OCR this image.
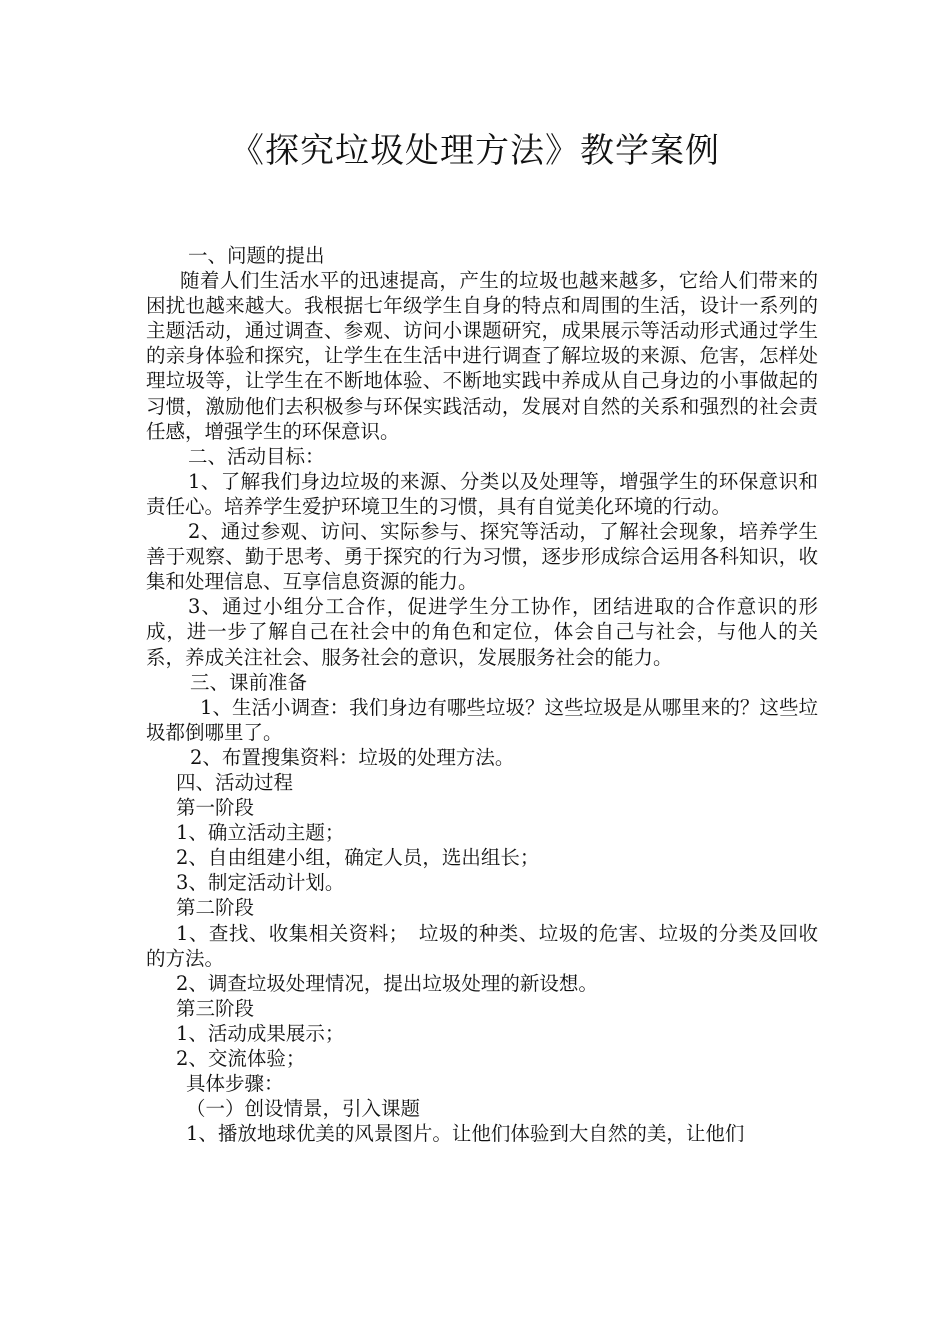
《探究垃圾处理方法》教学案例

一、问题的提出

随着人们生活水平的迅速提高，产生的垃圾也越来越多，它给人们带来的困扰也越来越大。我根据七年级学生自身的特点和周围的生活，设计一系列的主题活动，通过调查、参观、访问小课题研究，成果展示等活动形式通过学生的亲身体验和探究，让学生在生活中进行调查了解垃圾的来源、危害，怎样处理垃圾等，让学生在不断地体验、不断地实践中养成从自己身边的小事做起的习惯，激励他们去积极参与环保实践活动，发展对自然的关系和强烈的社会责任感，增强学生的环保意识。

二、活动目标：

1、了解我们身边垃圾的来源、分类以及处理等，增强学生的环保意识和责任心。培养学生爱护环境卫生的习惯，具有自觉美化环境的行动。

2、通过参观、访问、实际参与、探究等活动，了解社会现象，培养学生善于观察、勤于思考、勇于探究的行为习惯，逐步形成综合运用各科知识，收集和处理信息、互享信息资源的能力。

3、通过小组分工合作，促进学生分工协作，团结进取的合作意识的形成，进一步了解自己在社会中的角色和定位，体会自己与社会，与他人的关系，养成关注社会、服务社会的意识，发展服务社会的能力。

三、课前准备

1、生活小调查：我们身边有哪些垃圾？这些垃圾是从哪里来的？这些垃圾都倒哪里了。

2、布置搜集资料：垃圾的处理方法。

四、活动过程

第一阶段

1、确立活动主题；

2、自由组建小组，确定人员，选出组长；

3、制定活动计划。

第二阶段

1、查找、收集相关资料；　垃圾的种类、垃圾的危害、垃圾的分类及回收的方法。

2、调查垃圾处理情况，提出垃圾处理的新设想。

第三阶段

1、活动成果展示；

2、交流体验；

具体步骤：

（一）创设情景，引入课题

1、播放地球优美的风景图片。让他们体验到大自然的美，让他们
